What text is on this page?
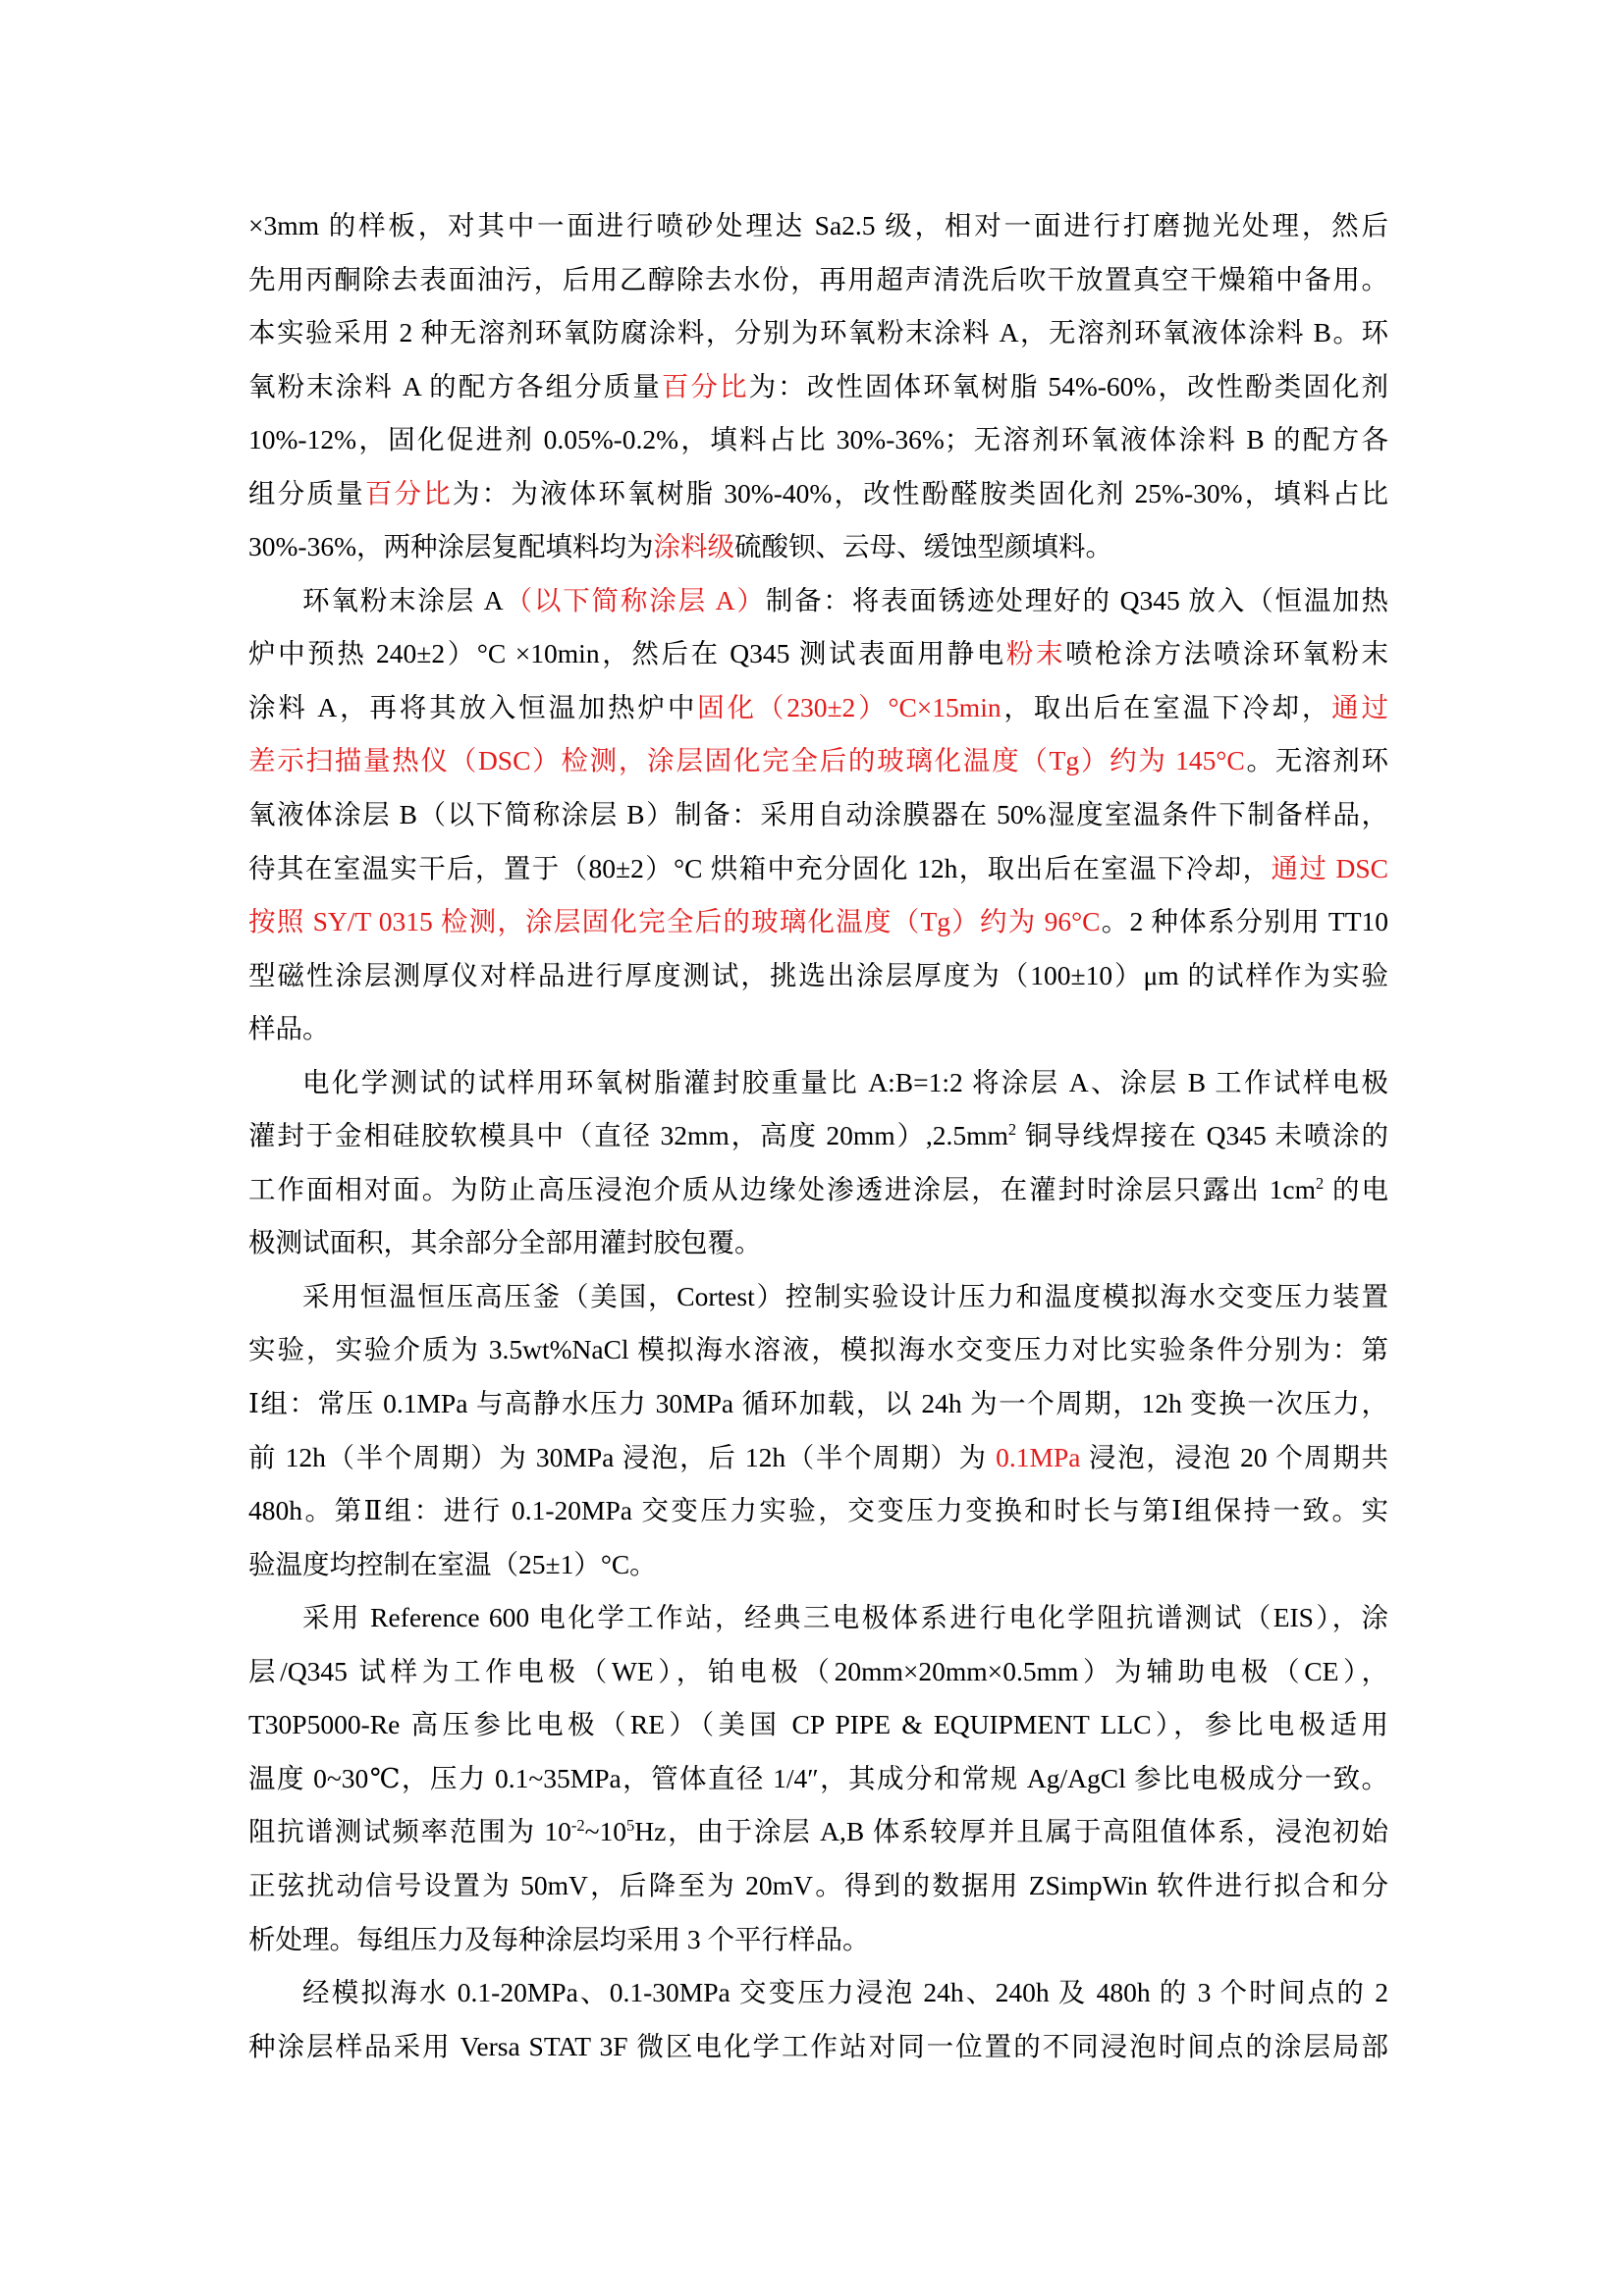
×3mm 的样板，对其中一面进行喷砂处理达 Sa2.5 级，相对一面进行打磨抛光处理，然后
先用丙酮除去表面油污，后用乙醇除去水份，再用超声清洗后吹干放置真空干燥箱中备用。
本实验采用 2 种无溶剂环氧防腐涂料，分别为环氧粉末涂料 A，无溶剂环氧液体涂料 B。环
氧粉末涂料 A 的配方各组分质量百分比为：改性固体环氧树脂 54%-60%，改性酚类固化剂
10%-12%，固化促进剂 0.05%-0.2%，填料占比 30%-36%；无溶剂环氧液体涂料 B 的配方各
组分质量百分比为：为液体环氧树脂 30%-40%，改性酚醛胺类固化剂 25%-30%，填料占比
30%-36%，两种涂层复配填料均为涂料级硫酸钡、云母、缓蚀型颜填料。
环氧粉末涂层 A（以下简称涂层 A）制备：将表面锈迹处理好的 Q345 放入（恒温加热
炉中预热 240±2）°C ×10min，然后在 Q345 测试表面用静电粉末喷枪涂方法喷涂环氧粉末
涂料 A，再将其放入恒温加热炉中固化（230±2）°C×15min，取出后在室温下冷却，通过
差示扫描量热仪（DSC）检测，涂层固化完全后的玻璃化温度（Tg）约为 145°C。无溶剂环
氧液体涂层 B（以下简称涂层 B）制备：采用自动涂膜器在 50%湿度室温条件下制备样品，
待其在室温实干后，置于（80±2）°C 烘箱中充分固化 12h，取出后在室温下冷却，通过 DSC
按照 SY/T 0315 检测，涂层固化完全后的玻璃化温度（Tg）约为 96°C。2 种体系分别用 TT10
型磁性涂层测厚仪对样品进行厚度测试，挑选出涂层厚度为（100±10）μm 的试样作为实验
样品。
电化学测试的试样用环氧树脂灌封胶重量比 A:B=1:2 将涂层 A、涂层 B 工作试样电极
灌封于金相硅胶软模具中（直径 32mm，高度 $20mm),2.5mm^2$ 铜导线焊接在 Q345 未喷涂的
工作面相对面。为防止高压浸泡介质从边缘处渗透进涂层，在灌封时涂层只露出 $1cm^2$ 的电
极测试面积，其余部分全部用灌封胶包覆。
采用恒温恒压高压釜（美国，Cortest）控制实验设计压力和温度模拟海水交变压力装置
实验，实验介质为 3.5wt%NaCl 模拟海水溶液，模拟海水交变压力对比实验条件分别为：第
Ⅰ组：常压 0.1MPa 与高静水压力 30MPa 循环加载，以 24h 为一个周期，12h 变换一次压力，
前 12h（半个周期）为 30MPa 浸泡，后 12h（半个周期）为 0.1MPa 浸泡，浸泡 20 个周期共
480h。第Ⅱ组：进行 0.1-20MPa 交变压力实验，交变压力变换和时长与第Ⅰ组保持一致。实
验温度均控制在室温（25±1）°C。
采用 Reference 600 电化学工作站，经典三电极体系进行电化学阻抗谱测试（EIS），涂
层/Q345 试样为工作电极（WE），铂电极（20mm×20mm×0.5mm）为辅助电极（CE），
T30P5000-Re 高压参比电极（RE）（美国 CP PIPE & EQUIPMENT LLC），参比电极适用
温度 0~30℃，压力 0.1~35MPa，管体直径 1/4″，其成分和常规 Ag/AgCl 参比电极成分一致。
阻抗谱测试频率范围为 $10^{-2}\sim 10^5Hz$，由于涂层 A,B 体系较厚并且属于高阻值体系，浸泡初始
正弦扰动信号设置为 50mV，后降至为 20mV。得到的数据用 ZSimpWin 软件进行拟合和分
析处理。每组压力及每种涂层均采用 3 个平行样品。
经模拟海水 0.1-20MPa、0.1-30MPa 交变压力浸泡 24h、240h 及 480h 的 3 个时间点的 2
种涂层样品采用 Versa STAT 3F 微区电化学工作站对同一位置的不同浸泡时间点的涂层局部
